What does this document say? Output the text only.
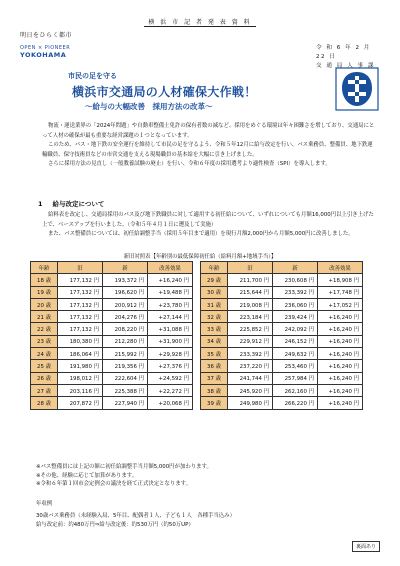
横 浜 市 記 者 発 表 資 料
明日をひらく都市
OPEN × PIONEER
YOKOHAMA
令 和 6 年 2 月 22 日
交 通 局 人 事 課
市民の足を守る
横浜市交通局の人材確保大作戦！
～給与の大幅改善　採用方法の改革～

物流・運送業界の「2024年問題」や自動車整備士免許の保有者数の減など、採用をめぐる環境は年々困難さを増しており、交通局にとって人材の確保が最も重要な経営課題の１つとなっています。

このため、バス・地下鉄の安全運行を維持して市民の足を守るよう、令和５年12月に給与改定を行い、バス乗務員、整備員、地下鉄運輸職員、保守技術員などの市営交通を支える現場職員の基本給を大幅に引き上げました。

さらに採用方法の見直し（一般教養試験の廃止）を行い、令和６年度の採用選考より適性検査（SPI）を導入します。

1 給与改定について

給料表を改定し、交通局採用のバス及び地下鉄職員に対して適用する初任給について、いずれについても月額16,000円以上引き上げた上で、ベースアップを行いました。（令和５年４月１日に遡及して実施）

また、バス整備員については、初任給調整手当（採用５年目まで適用）を現行月額2,000円から月額5,000円に改善しました。

新旧対照表【年齢別の最低保障初任給（給料月額+地域手当）】
年齢	旧	新	改善効果
18 歳	177,132 円	193,372 円	+16,240 円
19 歳	177,132 円	196,620 円	+19,488 円
20 歳	177,132 円	200,912 円	+23,780 円
21 歳	177,132 円	204,276 円	+27,144 円
22 歳	177,132 円	208,220 円	+31,088 円
23 歳	180,380 円	212,280 円	+31,900 円
24 歳	186,064 円	215,992 円	+29,928 円
25 歳	191,980 円	219,356 円	+27,376 円
26 歳	198,012 円	222,604 円	+24,592 円
27 歳	203,116 円	225,388 円	+22,272 円
28 歳	207,872 円	227,940 円	+20,068 円
年齢	旧	新	改善効果
29 歳	211,700 円	230,608 円	+18,908 円
30 歳	215,644 円	233,392 円	+17,748 円
31 歳	219,008 円	236,060 円	+17,052 円
32 歳	223,184 円	239,424 円	+16,240 円
33 歳	225,852 円	242,092 円	+16,240 円
34 歳	229,912 円	246,152 円	+16,240 円
35 歳	233,392 円	249,632 円	+16,240 円
36 歳	237,220 円	253,460 円	+16,240 円
37 歳	241,744 円	257,984 円	+16,240 円
38 歳	245,920 円	262,160 円	+16,240 円
39 歳	249,980 円	266,220 円	+16,240 円
※バス整備員には上記の額に初任給調整手当月額5,000円が加わります。
※その他、経験に応じて加算があります。
※令和６年第１回市会定例会の議決を経て正式決定となります。
年収例
30歳バス乗務員（未経験入局、5年目、配偶者１人、子ども１人　各種手当込み）
給与改定前：約480万円⇒給与改定後：約530万円（約50万UP）
裏面あり
